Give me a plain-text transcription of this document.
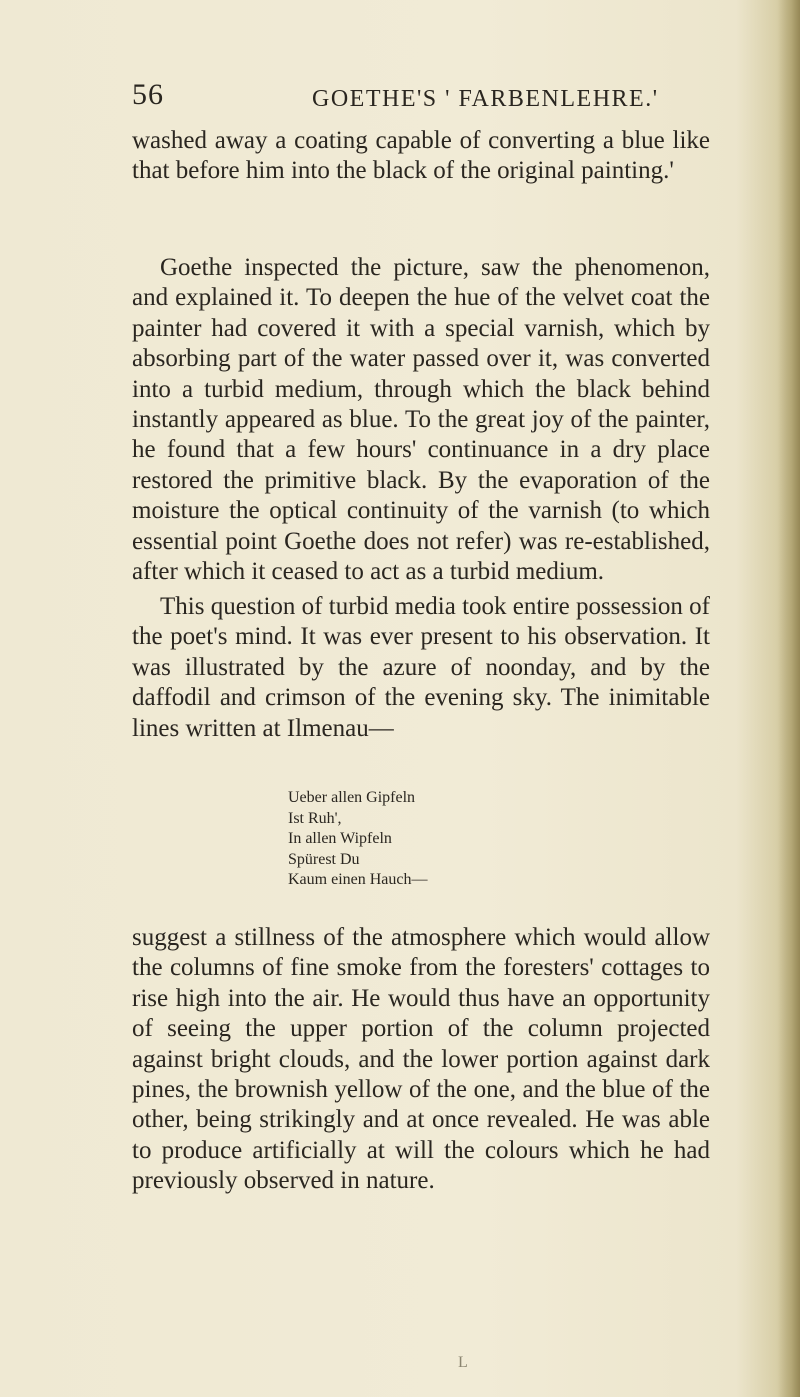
56	GOETHE'S ' FARBENLEHRE.'

washed away a coating capable of converting a blue like that before him into the black of the original painting.'

Goethe inspected the picture, saw the phenomenon, and explained it. To deepen the hue of the velvet coat the painter had covered it with a special varnish, which by absorbing part of the water passed over it, was converted into a turbid medium, through which the black behind instantly appeared as blue. To the great joy of the painter, he found that a few hours' continuance in a dry place restored the primitive black. By the evaporation of the moisture the optical continuity of the varnish (to which essential point Goethe does not refer) was re-established, after which it ceased to act as a turbid medium.

This question of turbid media took entire possession of the poet's mind. It was ever present to his observation. It was illustrated by the azure of noonday, and by the daffodil and crimson of the evening sky. The inimitable lines written at Ilmenau—

Ueber allen Gipfeln
Ist Ruh',
In allen Wipfeln
Spürest Du
Kaum einen Hauch—

suggest a stillness of the atmosphere which would allow the columns of fine smoke from the foresters' cottages to rise high into the air. He would thus have an opportunity of seeing the upper portion of the column projected against bright clouds, and the lower portion against dark pines, the brownish yellow of the one, and the blue of the other, being strikingly and at once revealed. He was able to produce artificially at will the colours which he had previously observed in nature.

L
